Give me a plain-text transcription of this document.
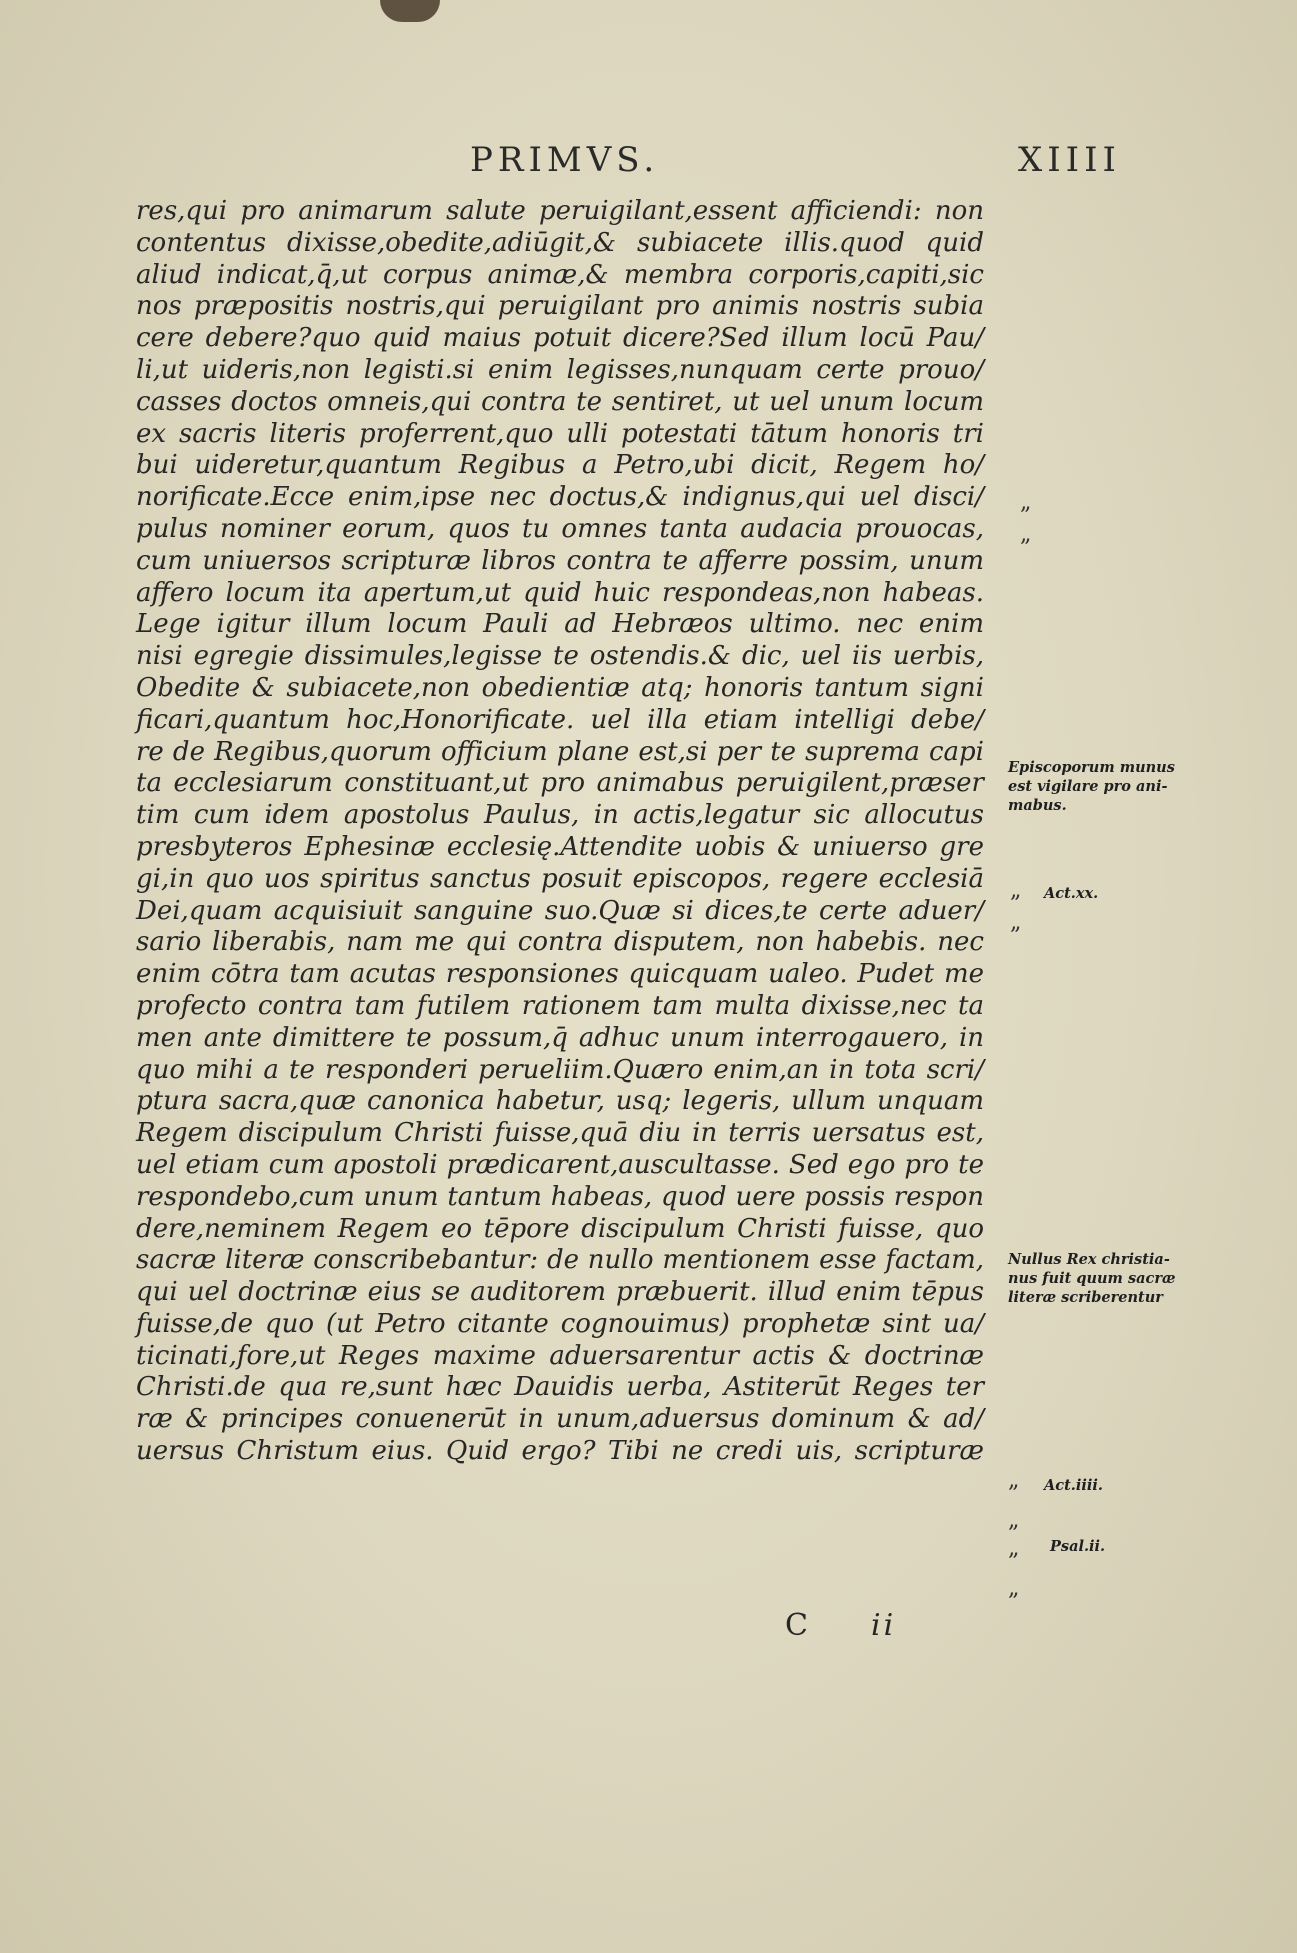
PRIMVS.	XIIII
res,qui pro animarum salute peruigilant,essent afficiendi: non
contentus dixisse,obedite,adiūgit,& subiacete illis.quod quid
aliud indicat,q̄,ut corpus animæ,& membra corporis,capiti,sic
nos præpositis nostris,qui peruigilant pro animis nostris subia
cere debere?quo quid maius potuit dicere?Sed illum locū Pau/
li,ut uideris,non legisti.si enim legisses,nunquam certe prouo/
casses doctos omneis,qui contra te sentiret, ut uel unum locum
ex sacris literis proferrent,quo ulli potestati tātum honoris tri
bui uideretur,quantum Regibus a Petro,ubi dicit, Regem ho/
norificate.Ecce enim,ipse nec doctus,& indignus,qui uel disci/
pulus nominer eorum, quos tu omnes tanta audacia prouocas,
cum uniuersos scripturæ libros contra te afferre possim, unum
affero locum ita apertum,ut quid huic respondeas,non habeas.
Lege igitur illum locum Pauli ad Hebræos ultimo. nec enim
nisi egregie dissimules,legisse te ostendis.& dic, uel iis uerbis,
Obedite & subiacete,non obedientiæ atq; honoris tantum signi
ficari,quantum hoc,Honorificate. uel illa etiam intelligi debe/
re de Regibus,quorum officium plane est,si per te suprema capi
ta ecclesiarum constituant,ut pro animabus peruigilent,præser
tim cum idem apostolus Paulus, in actis,legatur sic allocutus
presbyteros Ephesinæ ecclesię.Attendite uobis & uniuerso gre
gi,in quo uos spiritus sanctus posuit episcopos, regere ecclesiā
Dei,quam acquisiuit sanguine suo.Quæ si dices,te certe aduer/
sario liberabis, nam me qui contra disputem, non habebis. nec
enim cōtra tam acutas responsiones quicquam ualeo. Pudet me
profecto contra tam futilem rationem tam multa dixisse,nec ta
men ante dimittere te possum,q̄ adhuc unum interrogauero, in
quo mihi a te responderi perueliim.Quæro enim,an in tota scri/
ptura sacra,quæ canonica habetur, usq; legeris, ullum unquam
Regem discipulum Christi fuisse,quā diu in terris uersatus est,
uel etiam cum apostoli prædicarent,auscultasse. Sed ego pro te
respondebo,cum unum tantum habeas, quod uere possis respon
dere,neminem Regem eo tēpore discipulum Christi fuisse, quo
sacræ literæ conscribebantur: de nullo mentionem esse factam,
qui uel doctrinæ eius se auditorem præbuerit. illud enim tēpus
fuisse,de quo (ut Petro citante cognouimus) prophetæ sint ua/
ticinati,fore,ut Reges maxime aduersarentur actis & doctrinæ
Christi.de qua re,sunt hæc Dauidis uerba, Astiterūt Reges ter
ræ & principes conuenerūt in unum,aduersus dominum & ad/
uersus Christum eius. Quid ergo? Tibi ne credi uis, scripturæ
„
„
„
„
„
„
„
„
Episcoporum munus
est vigilare pro ani-
mabus.
Act.xx.
Nullus Rex christia-
nus fuit quum sacræ
literæ scriberentur
Act.iiii.
Psal.ii.
C ii
